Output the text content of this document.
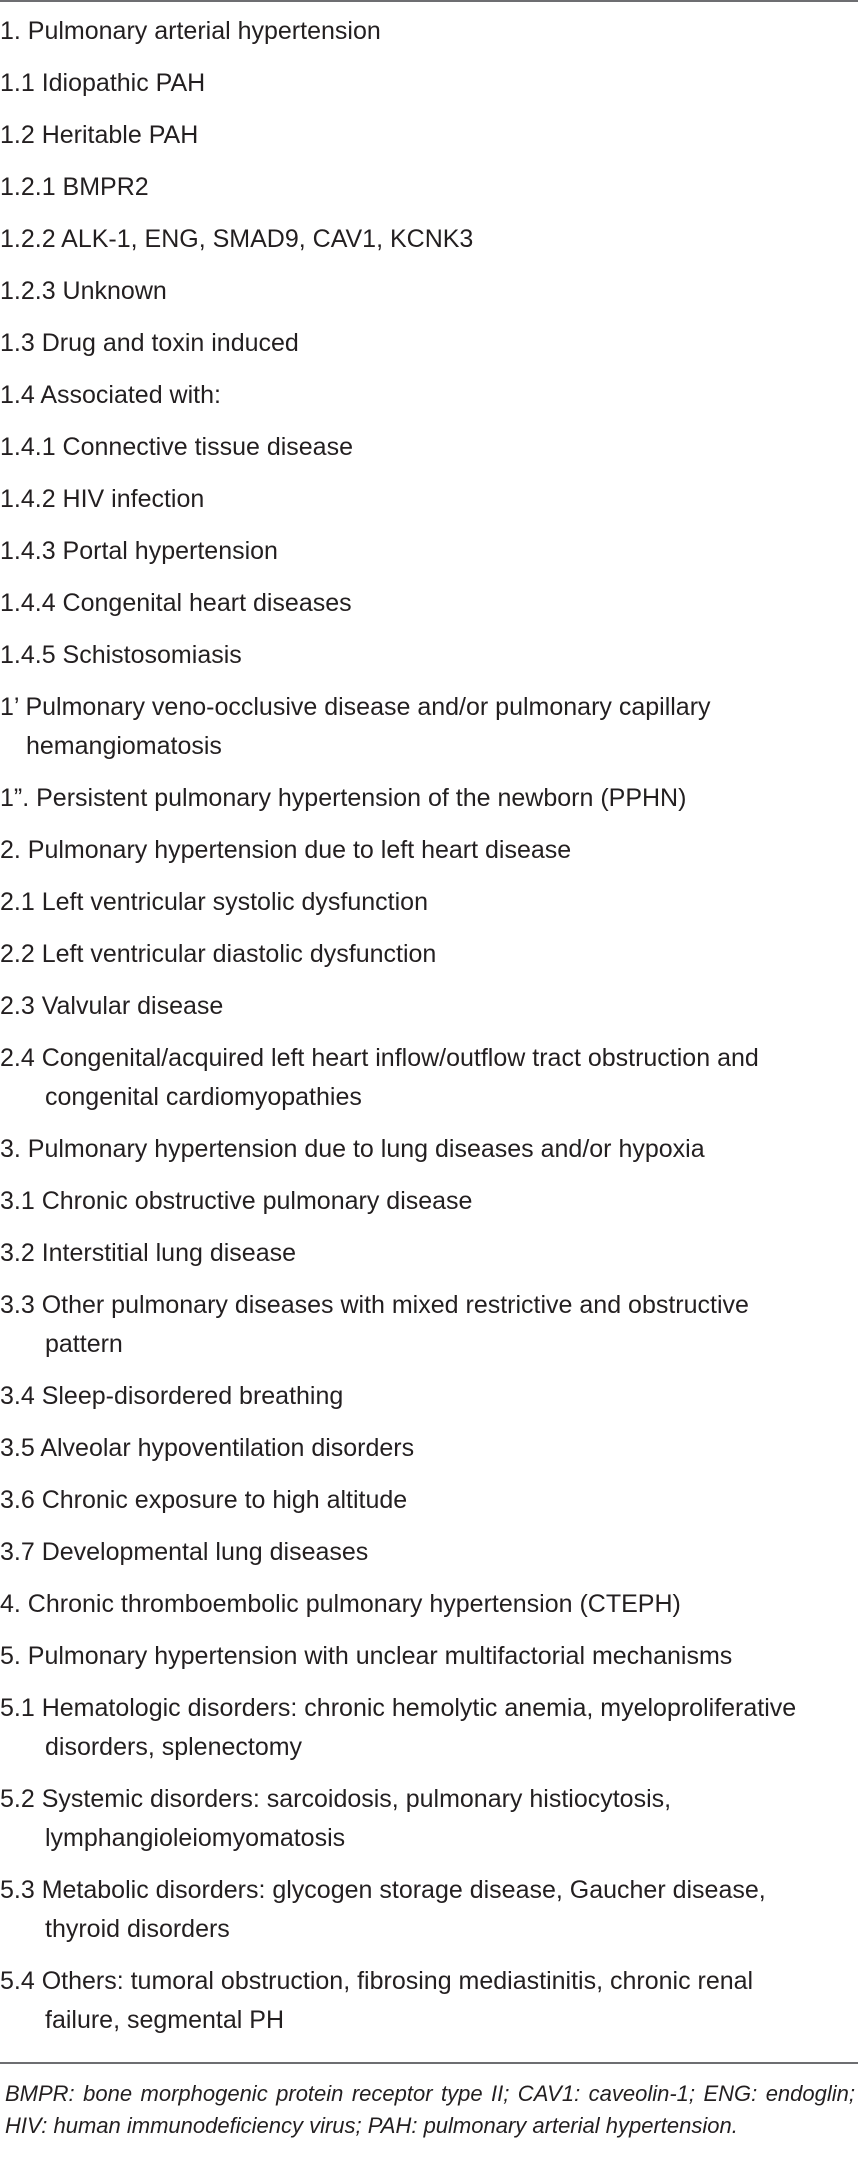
1. Pulmonary arterial hypertension
1.1 Idiopathic PAH
1.2 Heritable PAH
1.2.1 BMPR2
1.2.2 ALK-1, ENG, SMAD9, CAV1, KCNK3
1.2.3 Unknown
1.3 Drug and toxin induced
1.4 Associated with:
1.4.1 Connective tissue disease
1.4.2 HIV infection
1.4.3 Portal hypertension
1.4.4 Congenital heart diseases
1.4.5 Schistosomiasis
1’ Pulmonary veno-occlusive disease and/or pulmonary capillary
hemangiomatosis
1”. Persistent pulmonary hypertension of the newborn (PPHN)
2. Pulmonary hypertension due to left heart disease
2.1 Left ventricular systolic dysfunction
2.2 Left ventricular diastolic dysfunction
2.3 Valvular disease
2.4 Congenital/acquired left heart inflow/outflow tract obstruction and
congenital cardiomyopathies
3. Pulmonary hypertension due to lung diseases and/or hypoxia
3.1 Chronic obstructive pulmonary disease
3.2 Interstitial lung disease
3.3 Other pulmonary diseases with mixed restrictive and obstructive
pattern
3.4 Sleep-disordered breathing
3.5 Alveolar hypoventilation disorders
3.6 Chronic exposure to high altitude
3.7 Developmental lung diseases
4. Chronic thromboembolic pulmonary hypertension (CTEPH)
5. Pulmonary hypertension with unclear multifactorial mechanisms
5.1 Hematologic disorders: chronic hemolytic anemia, myeloproliferative
disorders, splenectomy
5.2 Systemic disorders: sarcoidosis, pulmonary histiocytosis,
lymphangioleiomyomatosis
5.3 Metabolic disorders: glycogen storage disease, Gaucher disease,
thyroid disorders
5.4 Others: tumoral obstruction, fibrosing mediastinitis, chronic renal
failure, segmental PH
BMPR: bone morphogenic protein receptor type II; CAV1: caveolin-1; ENG: endoglin; HIV: human immunodeficiency virus; PAH: pulmonary arterial hypertension.
